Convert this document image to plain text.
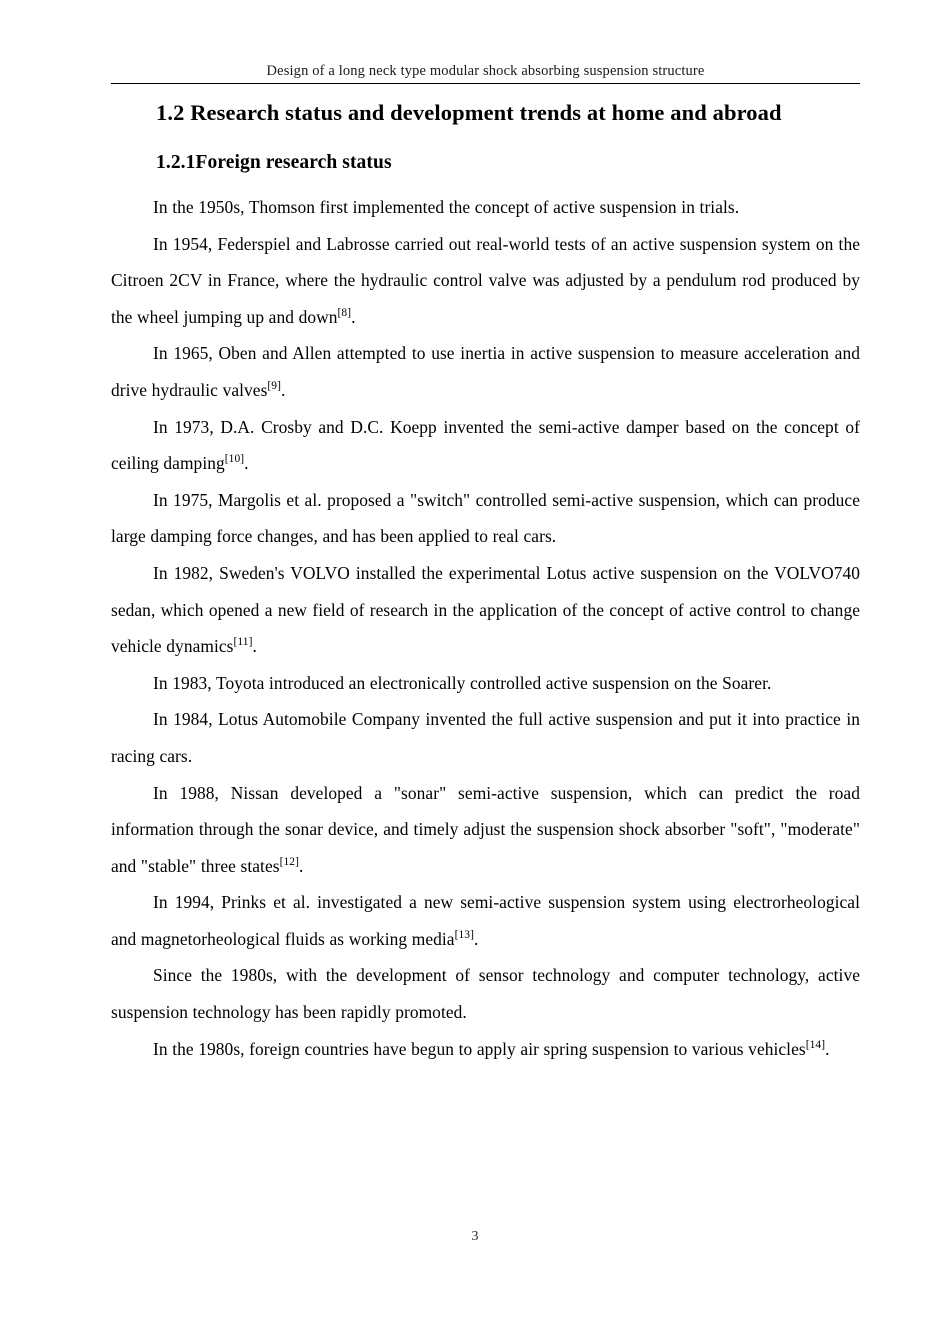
Design of a long neck type modular shock absorbing suspension structure
1.2 Research status and development trends at home and abroad
1.2.1Foreign research status

In the 1950s, Thomson first implemented the concept of active suspension in trials.

In 1954, Federspiel and Labrosse carried out real-world tests of an active suspension system on the Citroen 2CV in France, where the hydraulic control valve was adjusted by a pendulum rod produced by the wheel jumping up and down[8].

In 1965, Oben and Allen attempted to use inertia in active suspension to measure acceleration and drive hydraulic valves[9].

In 1973, D.A. Crosby and D.C. Koepp invented the semi-active damper based on the concept of ceiling damping[10].

In 1975, Margolis et al. proposed a "switch" controlled semi-active suspension, which can produce large damping force changes, and has been applied to real cars.

In 1982, Sweden's VOLVO installed the experimental Lotus active suspension on the VOLVO740 sedan, which opened a new field of research in the application of the concept of active control to change vehicle dynamics[11].

In 1983, Toyota introduced an electronically controlled active suspension on the Soarer.

In 1984, Lotus Automobile Company invented the full active suspension and put it into practice in racing cars.

In 1988, Nissan developed a "sonar" semi-active suspension, which can predict the road information through the sonar device, and timely adjust the suspension shock absorber "soft", "moderate" and "stable" three states[12].

In 1994, Prinks et al. investigated a new semi-active suspension system using electrorheological and magnetorheological fluids as working media[13].

Since the 1980s, with the development of sensor technology and computer technology, active suspension technology has been rapidly promoted.

In the 1980s, foreign countries have begun to apply air spring suspension to various vehicles[14].

3
